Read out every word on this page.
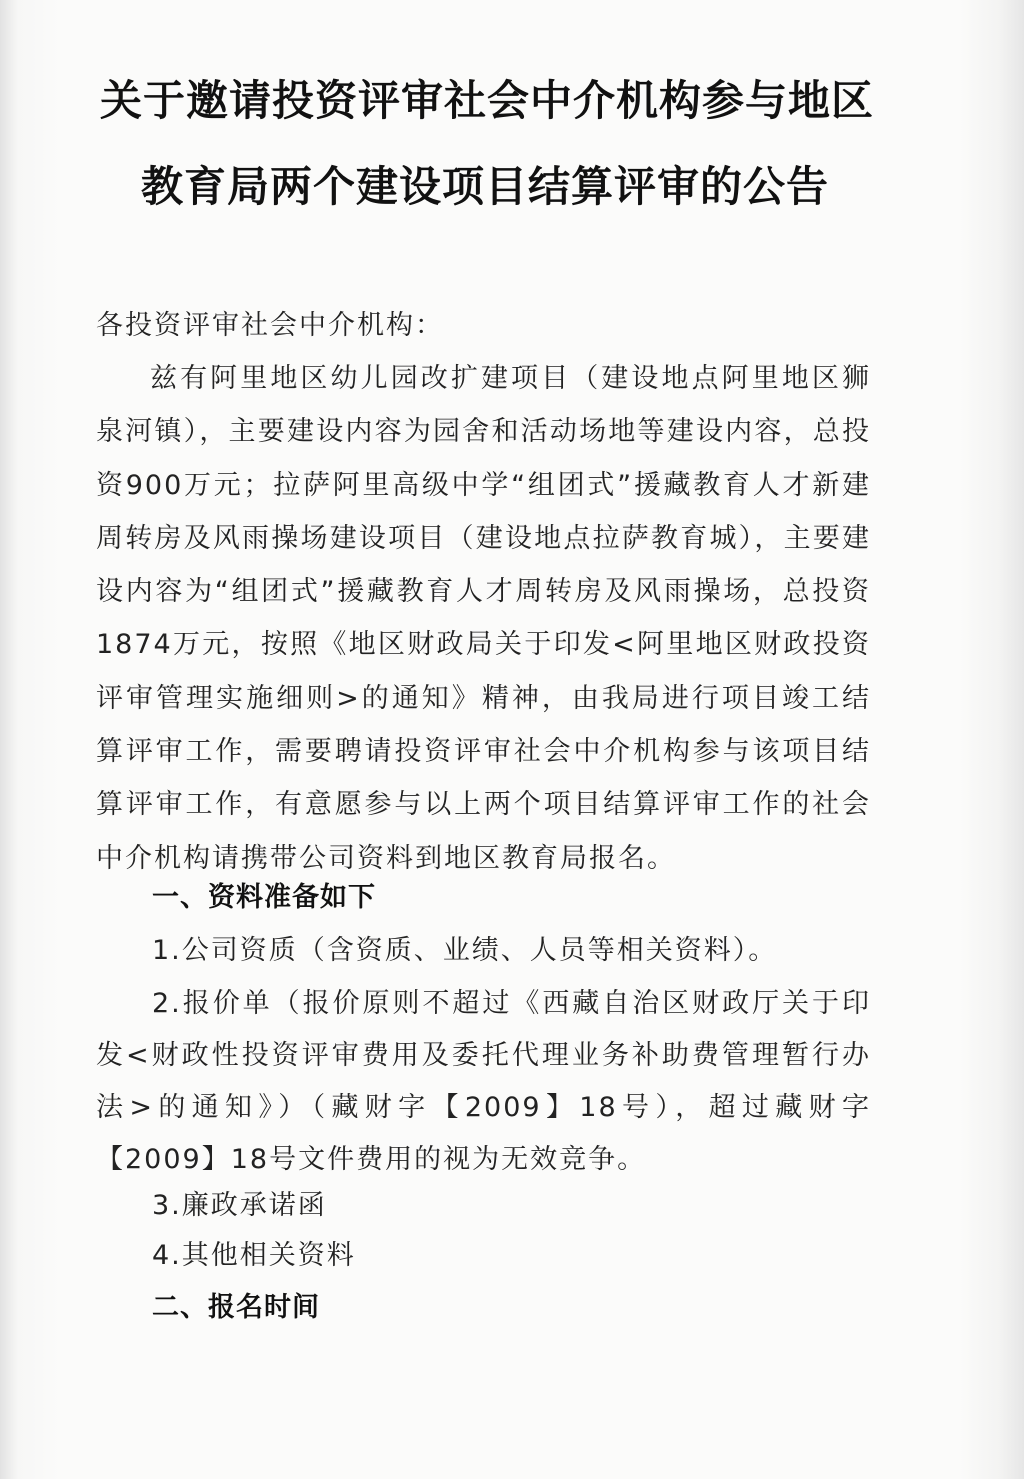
关于邀请投资评审社会中介机构参与地区
教育局两个建设项目结算评审的公告
各投资评审社会中介机构：
兹有阿里地区幼儿园改扩建项目（建设地点阿里地区狮泉河镇），主要建设内容为园舍和活动场地等建设内容，总投资900万元；拉萨阿里高级中学“组团式”援藏教育人才新建周转房及风雨操场建设项目（建设地点拉萨教育城），主要建设内容为“组团式”援藏教育人才周转房及风雨操场，总投资1874万元，按照《地区财政局关于印发<阿里地区财政投资评审管理实施细则>的通知》精神，由我局进行项目竣工结算评审工作，需要聘请投资评审社会中介机构参与该项目结算评审工作，有意愿参与以上两个项目结算评审工作的社会中介机构请携带公司资料到地区教育局报名。
一、资料准备如下
1.公司资质（含资质、业绩、人员等相关资料）。
2.报价单（报价原则不超过《西藏自治区财政厅关于印发<财政性投资评审费用及委托代理业务补助费管理暂行办法>的通知》）（藏财字【2009】18号），超过藏财字【2009】18号文件费用的视为无效竞争。
3.廉政承诺函
4.其他相关资料
二、报名时间
